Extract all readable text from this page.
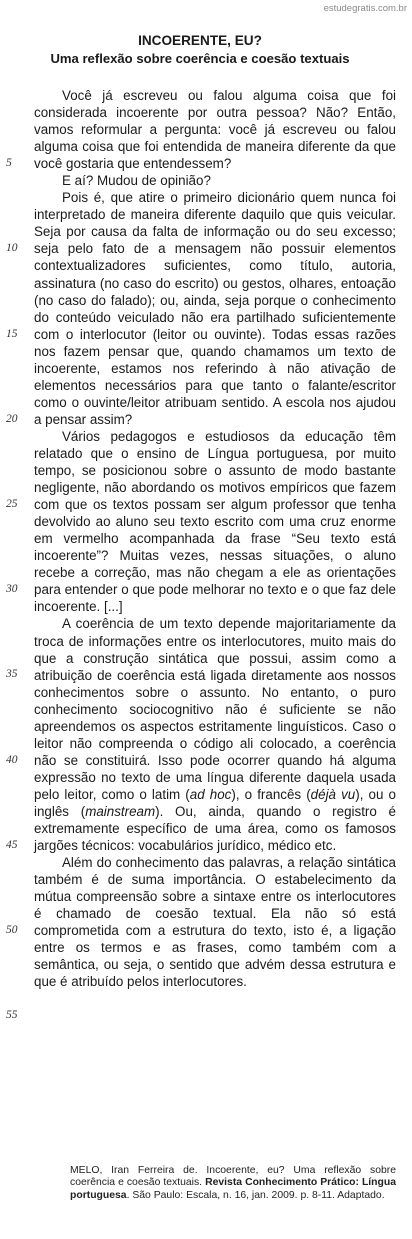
estudegratis.com.br
INCOERENTE, EU?
Uma reflexão sobre coerência e coesão textuais
5
10
15
20
25
30
35
40
45
50
55

Você já escreveu ou falou alguma coisa que foi considerada incoerente por outra pessoa? Não? Então, vamos reformular a pergunta: você já escreveu ou falou alguma coisa que foi entendida de maneira diferente da que você gostaria que entendessem?

E aí? Mudou de opinião?

Pois é, que atire o primeiro dicionário quem nunca foi interpretado de maneira diferente daquilo que quis veicular. Seja por causa da falta de informação ou do seu excesso; seja pelo fato de a mensagem não possuir elementos contextualizadores suficientes, como título, autoria, assinatura (no caso do escrito) ou gestos, olhares, entoação (no caso do falado); ou, ainda, seja porque o conhecimento do conteúdo veiculado não era partilhado suficientemente com o interlocutor (leitor ou ouvinte). Todas essas razões nos fazem pensar que, quando chamamos um texto de incoerente, estamos nos referindo à não ativação de elementos necessários para que tanto o falante/escritor como o ouvinte/leitor atribuam sentido. A escola nos ajudou a pensar assim?

Vários pedagogos e estudiosos da educação têm relatado que o ensino de Língua portuguesa, por muito tempo, se posicionou sobre o assunto de modo bastante negligente, não abordando os motivos empíricos que fazem com que os textos possam ser algum professor que tenha devolvido ao aluno seu texto escrito com uma cruz enorme em vermelho acompanhada da frase “Seu texto está incoerente”? Muitas vezes, nessas situações, o aluno recebe a correção, mas não chegam a ele as orientações para entender o que pode melhorar no texto e o que faz dele incoerente. [...]

A coerência de um texto depende majoritariamente da troca de informações entre os interlocutores, muito mais do que a construção sintática que possui, assim como a atribuição de coerência está ligada diretamente aos nossos conhecimentos sobre o assunto. No entanto, o puro conhecimento sociocognitivo não é suficiente se não apreendemos os aspectos estritamente linguísticos. Caso o leitor não compreenda o código ali colocado, a coerência não se constituirá. Isso pode ocorrer quando há alguma expressão no texto de uma língua diferente daquela usada pelo leitor, como o latim (ad hoc), o francês (déjà vu), ou o inglês (mainstream). Ou, ainda, quando o registro é extremamente específico de uma área, como os famosos jargões técnicos: vocabulários jurídico, médico etc.

Além do conhecimento das palavras, a relação sintática também é de suma importância. O estabelecimento da mútua compreensão sobre a sintaxe entre os interlocutores é chamado de coesão textual. Ela não só está comprometida com a estrutura do texto, isto é, a ligação entre os termos e as frases, como também com a semântica, ou seja, o sentido que advém dessa estrutura e que é atribuído pelos interlocutores.

MELO, Iran Ferreira de. Incoerente, eu? Uma reflexão sobre coerência e coesão textuais. Revista Conhecimento Prático: Língua portuguesa. São Paulo: Escala, n. 16, jan. 2009. p. 8-11. Adaptado.
